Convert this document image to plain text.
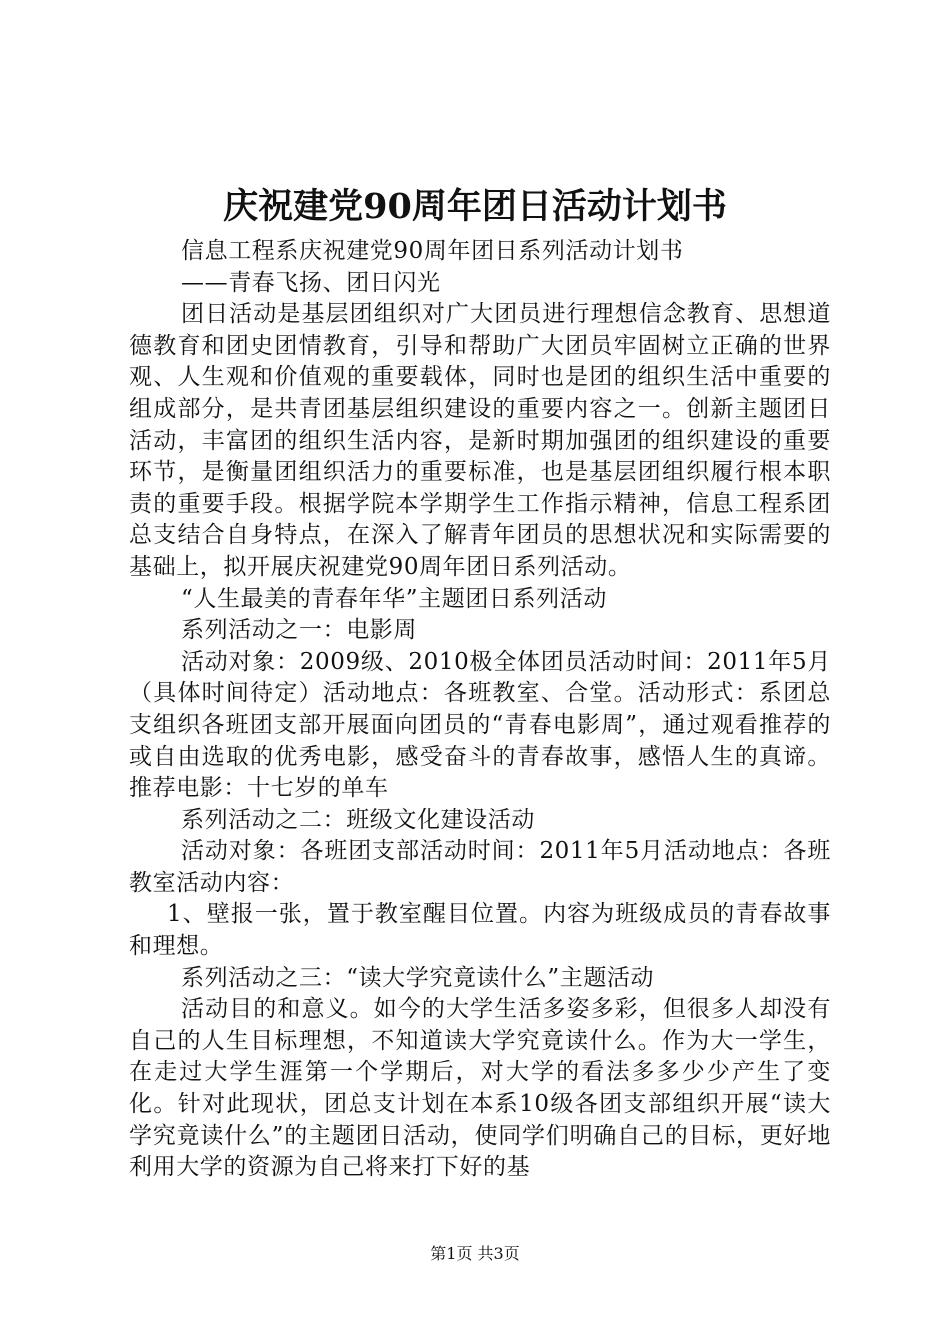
庆祝建党90周年团日活动计划书

信息工程系庆祝建党90周年团日系列活动计划书

——青春飞扬、团日闪光

团日活动是基层团组织对广大团员进行理想信念教育、思想道德教育和团史团情教育，引导和帮助广大团员牢固树立正确的世界观、人生观和价值观的重要载体，同时也是团的组织生活中重要的组成部分，是共青团基层组织建设的重要内容之一。创新主题团日活动，丰富团的组织生活内容，是新时期加强团的组织建设的重要环节，是衡量团组织活力的重要标准，也是基层团组织履行根本职责的重要手段。根据学院本学期学生工作指示精神，信息工程系团总支结合自身特点，在深入了解青年团员的思想状况和实际需要的基础上，拟开展庆祝建党90周年团日系列活动。

“人生最美的青春年华”主题团日系列活动

系列活动之一：电影周

活动对象：2009级、2010极全体团员活动时间：2011年5月（具体时间待定）活动地点：各班教室、合堂。活动形式：系团总支组织各班团支部开展面向团员的“青春电影周”，通过观看推荐的或自由选取的优秀电影，感受奋斗的青春故事，感悟人生的真谛。推荐电影：十七岁的单车

系列活动之二：班级文化建设活动

活动对象：各班团支部活动时间：2011年5月活动地点：各班教室活动内容：

1、壁报一张，置于教室醒目位置。内容为班级成员的青春故事和理想。

系列活动之三：“读大学究竟读什么”主题活动

活动目的和意义。如今的大学生活多姿多彩，但很多人却没有自己的人生目标理想，不知道读大学究竟读什么。作为大一学生，在走过大学生涯第一个学期后，对大学的看法多多少少产生了变化。针对此现状，团总支计划在本系10级各团支部组织开展“读大学究竟读什么”的主题团日活动，使同学们明确自己的目标，更好地利用大学的资源为自己将来打下好的基

第1页 共3页
